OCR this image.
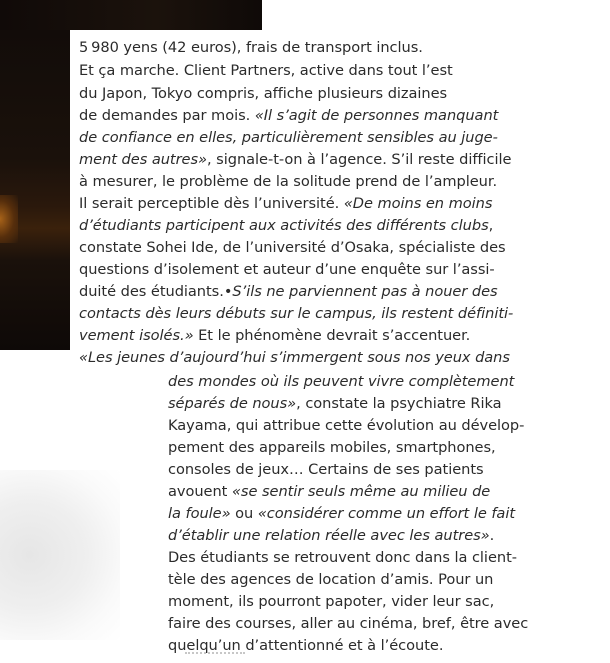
5 980 yens (42 euros), frais de transport inclus.
Et ça marche. Client Partners, active dans tout l’est
du Japon, Tokyo compris, affiche plusieurs dizaines
de demandes par mois. «Il s’agit de personnes manquant
de confiance en elles, particulièrement sensibles au juge-
ment des autres», signale-t-on à l’agence. S’il reste difficile
à mesurer, le problème de la solitude prend de l’ampleur.
Il serait perceptible dès l’université. «De moins en moins
d’étudiants participent aux activités des différents clubs,
constate Sohei Ide, de l’université d’Osaka, spécialiste des
questions d’isolement et auteur d’une enquête sur l’assi-
duité des étudiants.•S’ils ne parviennent pas à nouer des
contacts dès leurs débuts sur le campus, ils restent définiti-
vement isolés.» Et le phénomène devrait s’accentuer.
«Les jeunes d’aujourd’hui s’immergent sous nos yeux dans
des mondes où ils peuvent vivre complètement
séparés de nous», constate la psychiatre Rika
Kayama, qui attribue cette évolution au dévelop-
pement des appareils mobiles, smartphones,
consoles de jeux… Certains de ses patients
avouent «se sentir seuls même au milieu de
la foule» ou «considérer comme un effort le fait
d’établir une relation réelle avec les autres».
Des étudiants se retrouvent donc dans la client-
tèle des agences de location d’amis. Pour un
moment, ils pourront papoter, vider leur sac,
faire des courses, aller au cinéma, bref, être avec
quelqu’un d’attentionné et à l’écoute.
